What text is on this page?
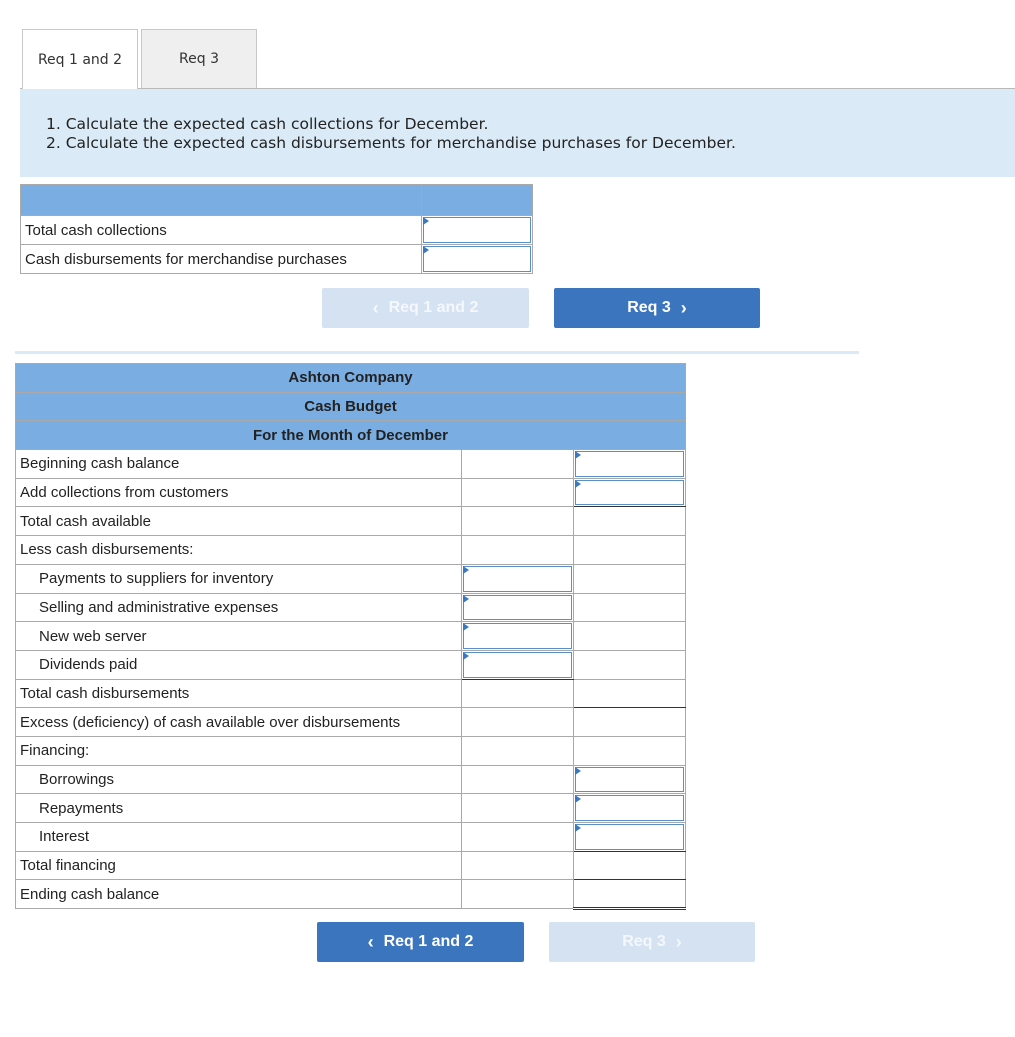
Req 1 and 2	Req 3
1. Calculate the expected cash collections for December.
2. Calculate the expected cash disbursements for merchandise purchases for December.

Total cash collections	

Cash disbursements for merchandise purchases	
‹ Req 1 and 2	Req 3 ›
Ashton Company		
Cash Budget		
For the Month of December		
Beginning cash balance		

Add collections from customers		

Total cash available		
Less cash disbursements:		
Payments to suppliers for inventory	

Selling and administrative expenses	

New web server	

Dividends paid	

Total cash disbursements		
Excess (deficiency) of cash available over disbursements		
Financing:		
Borrowings		

Repayments		

Interest		

Total financing		
Ending cash balance		
‹ Req 1 and 2	Req 3 ›
